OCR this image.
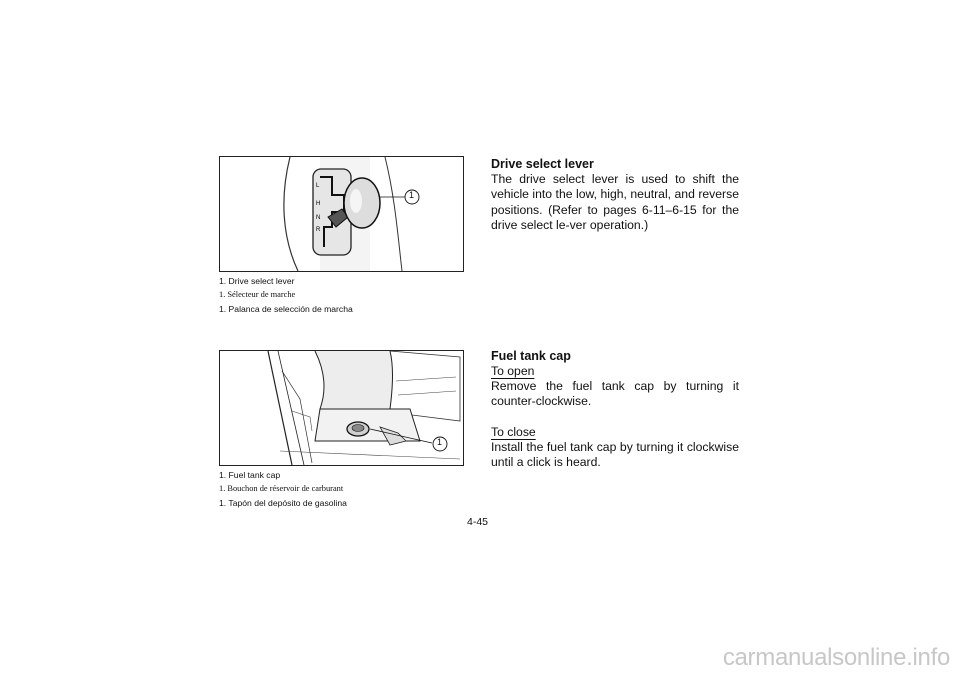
L
H
N
R
1
1. Drive select lever
1. Sélecteur de marche
1. Palanca de selección de marcha
1
1. Fuel tank cap
1. Bouchon de réservoir de carburant
1. Tapón del depósito de gasolina
Drive select lever
The drive select lever is used to shift the vehicle into the low, high, neutral, and reverse positions. (Refer to pages 6-11–6-15 for the drive select le-ver operation.)
Fuel tank cap
To open
Remove the fuel tank cap by turning it counter-clockwise.
To close
Install the fuel tank cap by turning it clockwise until a click is heard.
4-45
carmanualsonline.info
